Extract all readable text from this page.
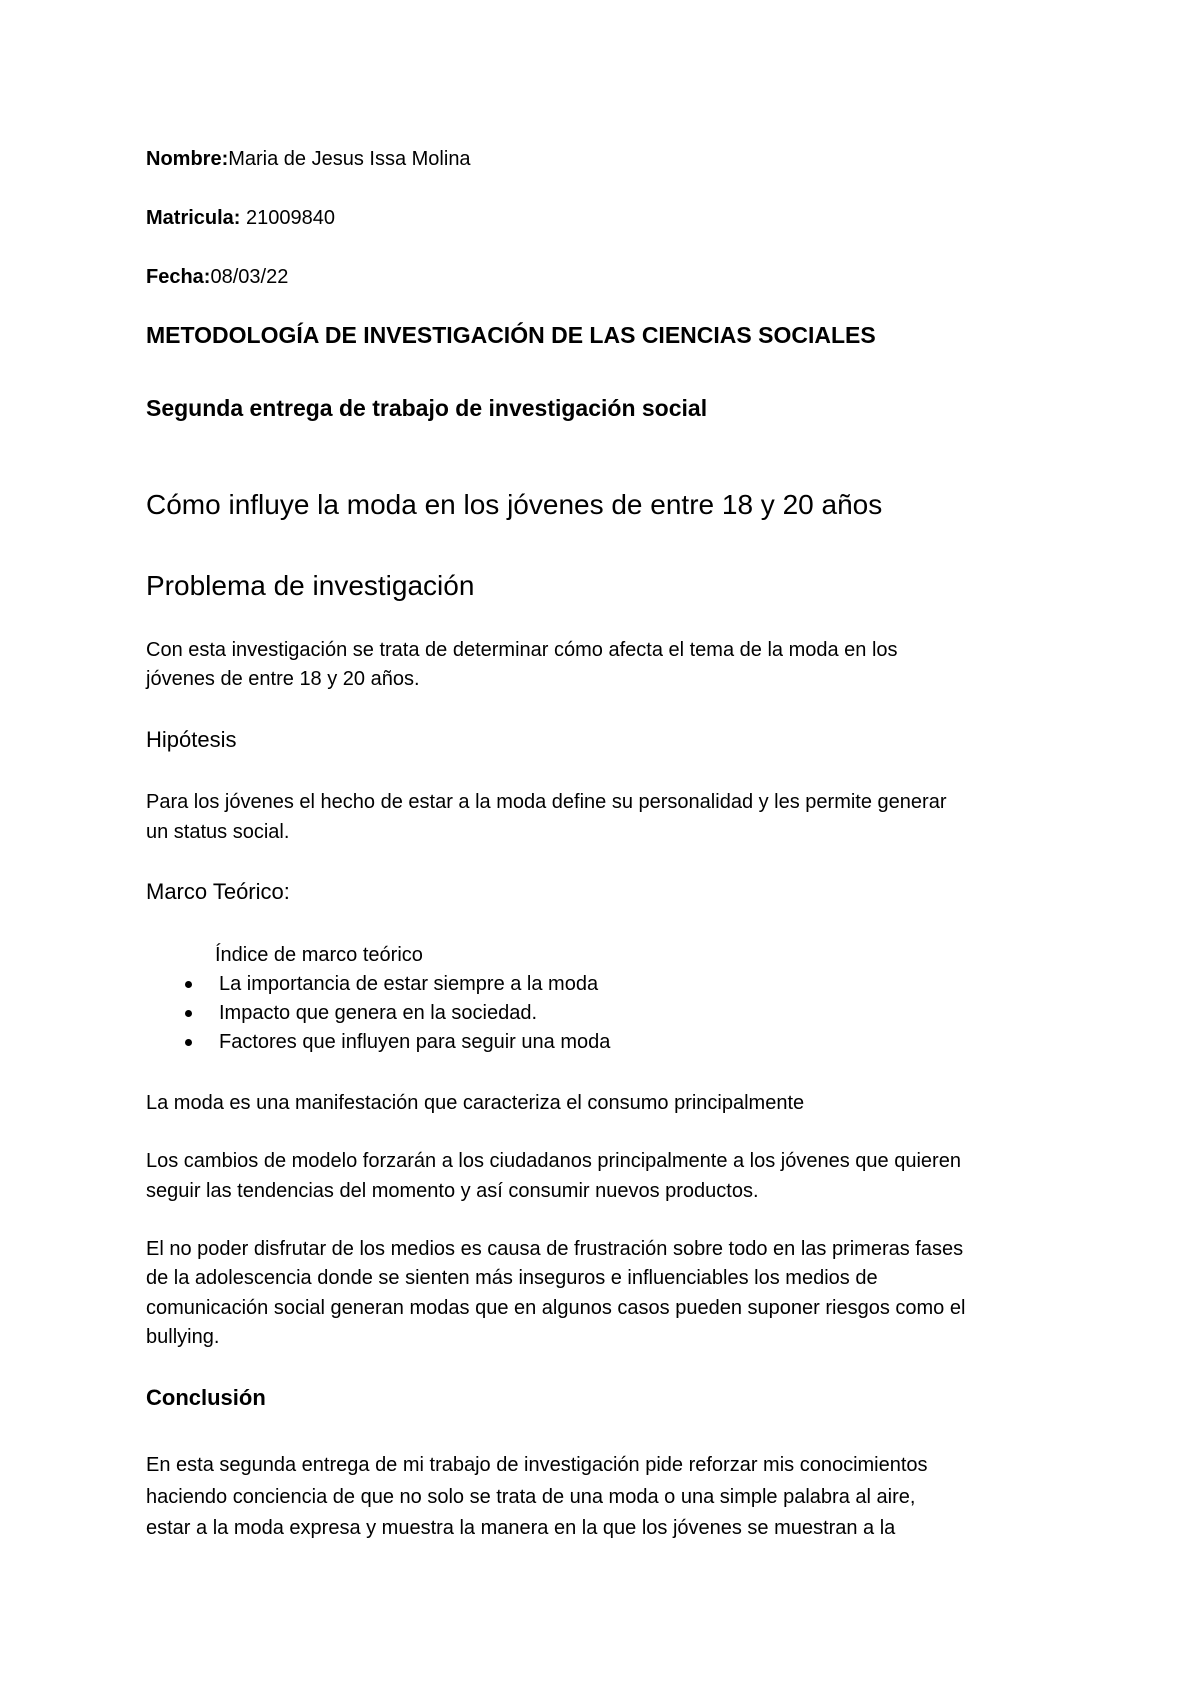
Nombre:Maria de Jesus Issa Molina
Matricula: 21009840
Fecha:08/03/22
METODOLOGÍA DE INVESTIGACIÓN DE LAS CIENCIAS SOCIALES
Segunda entrega de trabajo de investigación social
Cómo influye la moda en los jóvenes de entre 18 y 20 años
Problema de investigación
Con esta investigación se trata de determinar cómo afecta el tema de la moda en los
jóvenes de entre 18 y 20 años.
Hipótesis
Para los jóvenes el hecho de estar a la moda define su personalidad y les permite generar
un status social.
Marco Teórico:
Índice de marco teórico
La importancia de estar siempre a la moda
Impacto que genera en la sociedad.
Factores que influyen para seguir una moda
La moda es una manifestación que caracteriza el consumo principalmente
Los cambios de modelo forzarán a los ciudadanos principalmente a los jóvenes que quieren
seguir las tendencias del momento y así consumir nuevos productos.
El no poder disfrutar de los medios es causa de frustración sobre todo en las primeras fases
de la adolescencia donde se sienten más inseguros e influenciables los medios de
comunicación social generan modas que en algunos casos pueden suponer riesgos como el
bullying.
Conclusión
En esta segunda entrega de mi trabajo de investigación pide reforzar mis conocimientos
haciendo conciencia de que no solo se trata de una moda o una simple palabra al aire,
estar a la moda expresa y muestra la manera en la que los jóvenes se muestran a la
